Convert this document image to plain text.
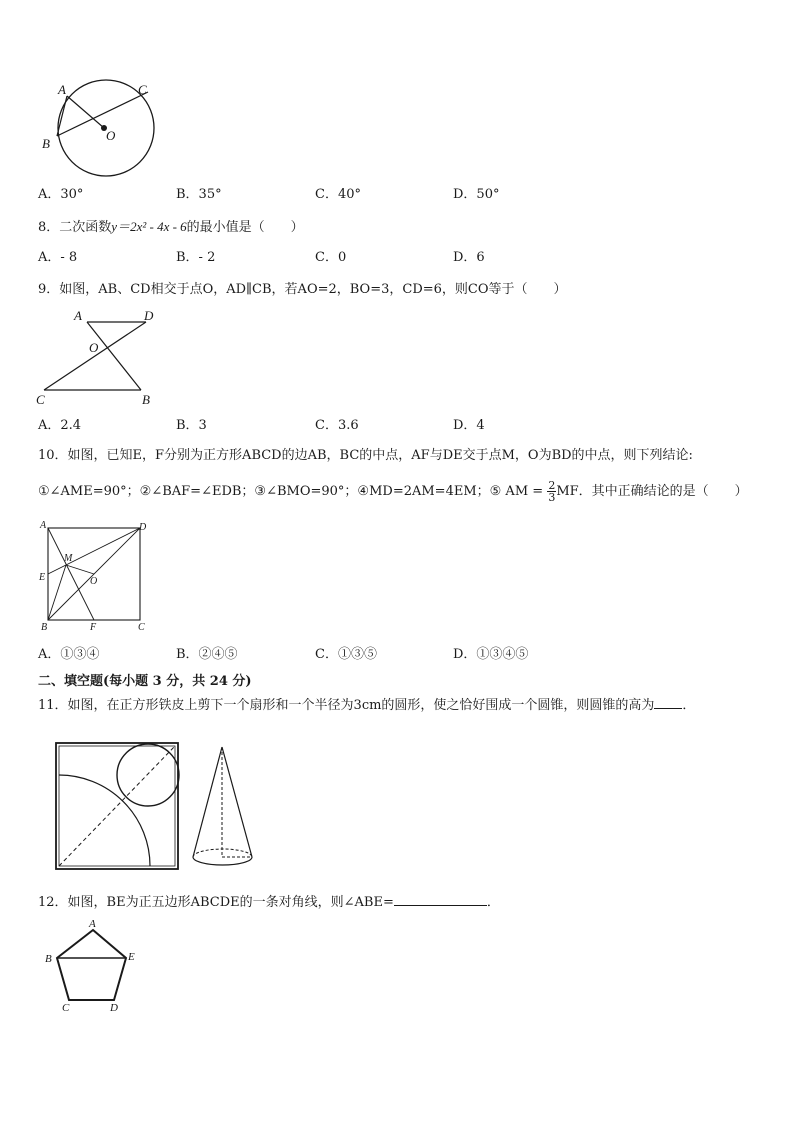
A	C
O
B
A．30°	B．35°	C．40°	D．50°
8．二次函数y＝2x² - 4x - 6的最小值是（　　）
A．- 8	B．- 2	C．0	D．6
9．如图，AB、CD相交于点O，AD∥CB，若AO=2，BO=3，CD=6，则CO等于（　　）
A	D
O
C	B
A．2.4	B．3	C．3.6	D．4
10．如图，已知E，F分别为正方形ABCD的边AB，BC的中点，AF与DE交于点M，O为BD的中点，则下列结论:
①∠AME=90°；②∠BAF=∠EDB；③∠BMO=90°；④MD=2AM=4EM；⑤ AM = $\frac{2}{3}$ MF．其中正确结论的是（　　）
A	D
M
E	O
B	F	C
A．①③④	B．②④⑤	C．①③⑤	D．①③④⑤
二、填空题(每小题 3 分，共 24 分)
11．如图，在正方形铁皮上剪下一个扇形和一个半径为3cm的圆形，使之恰好围成一个圆锥，则圆锥的高为 ．
12．如图，BE为正五边形ABCDE的一条对角线，则∠ABE=	．
A
B	E
C	D
